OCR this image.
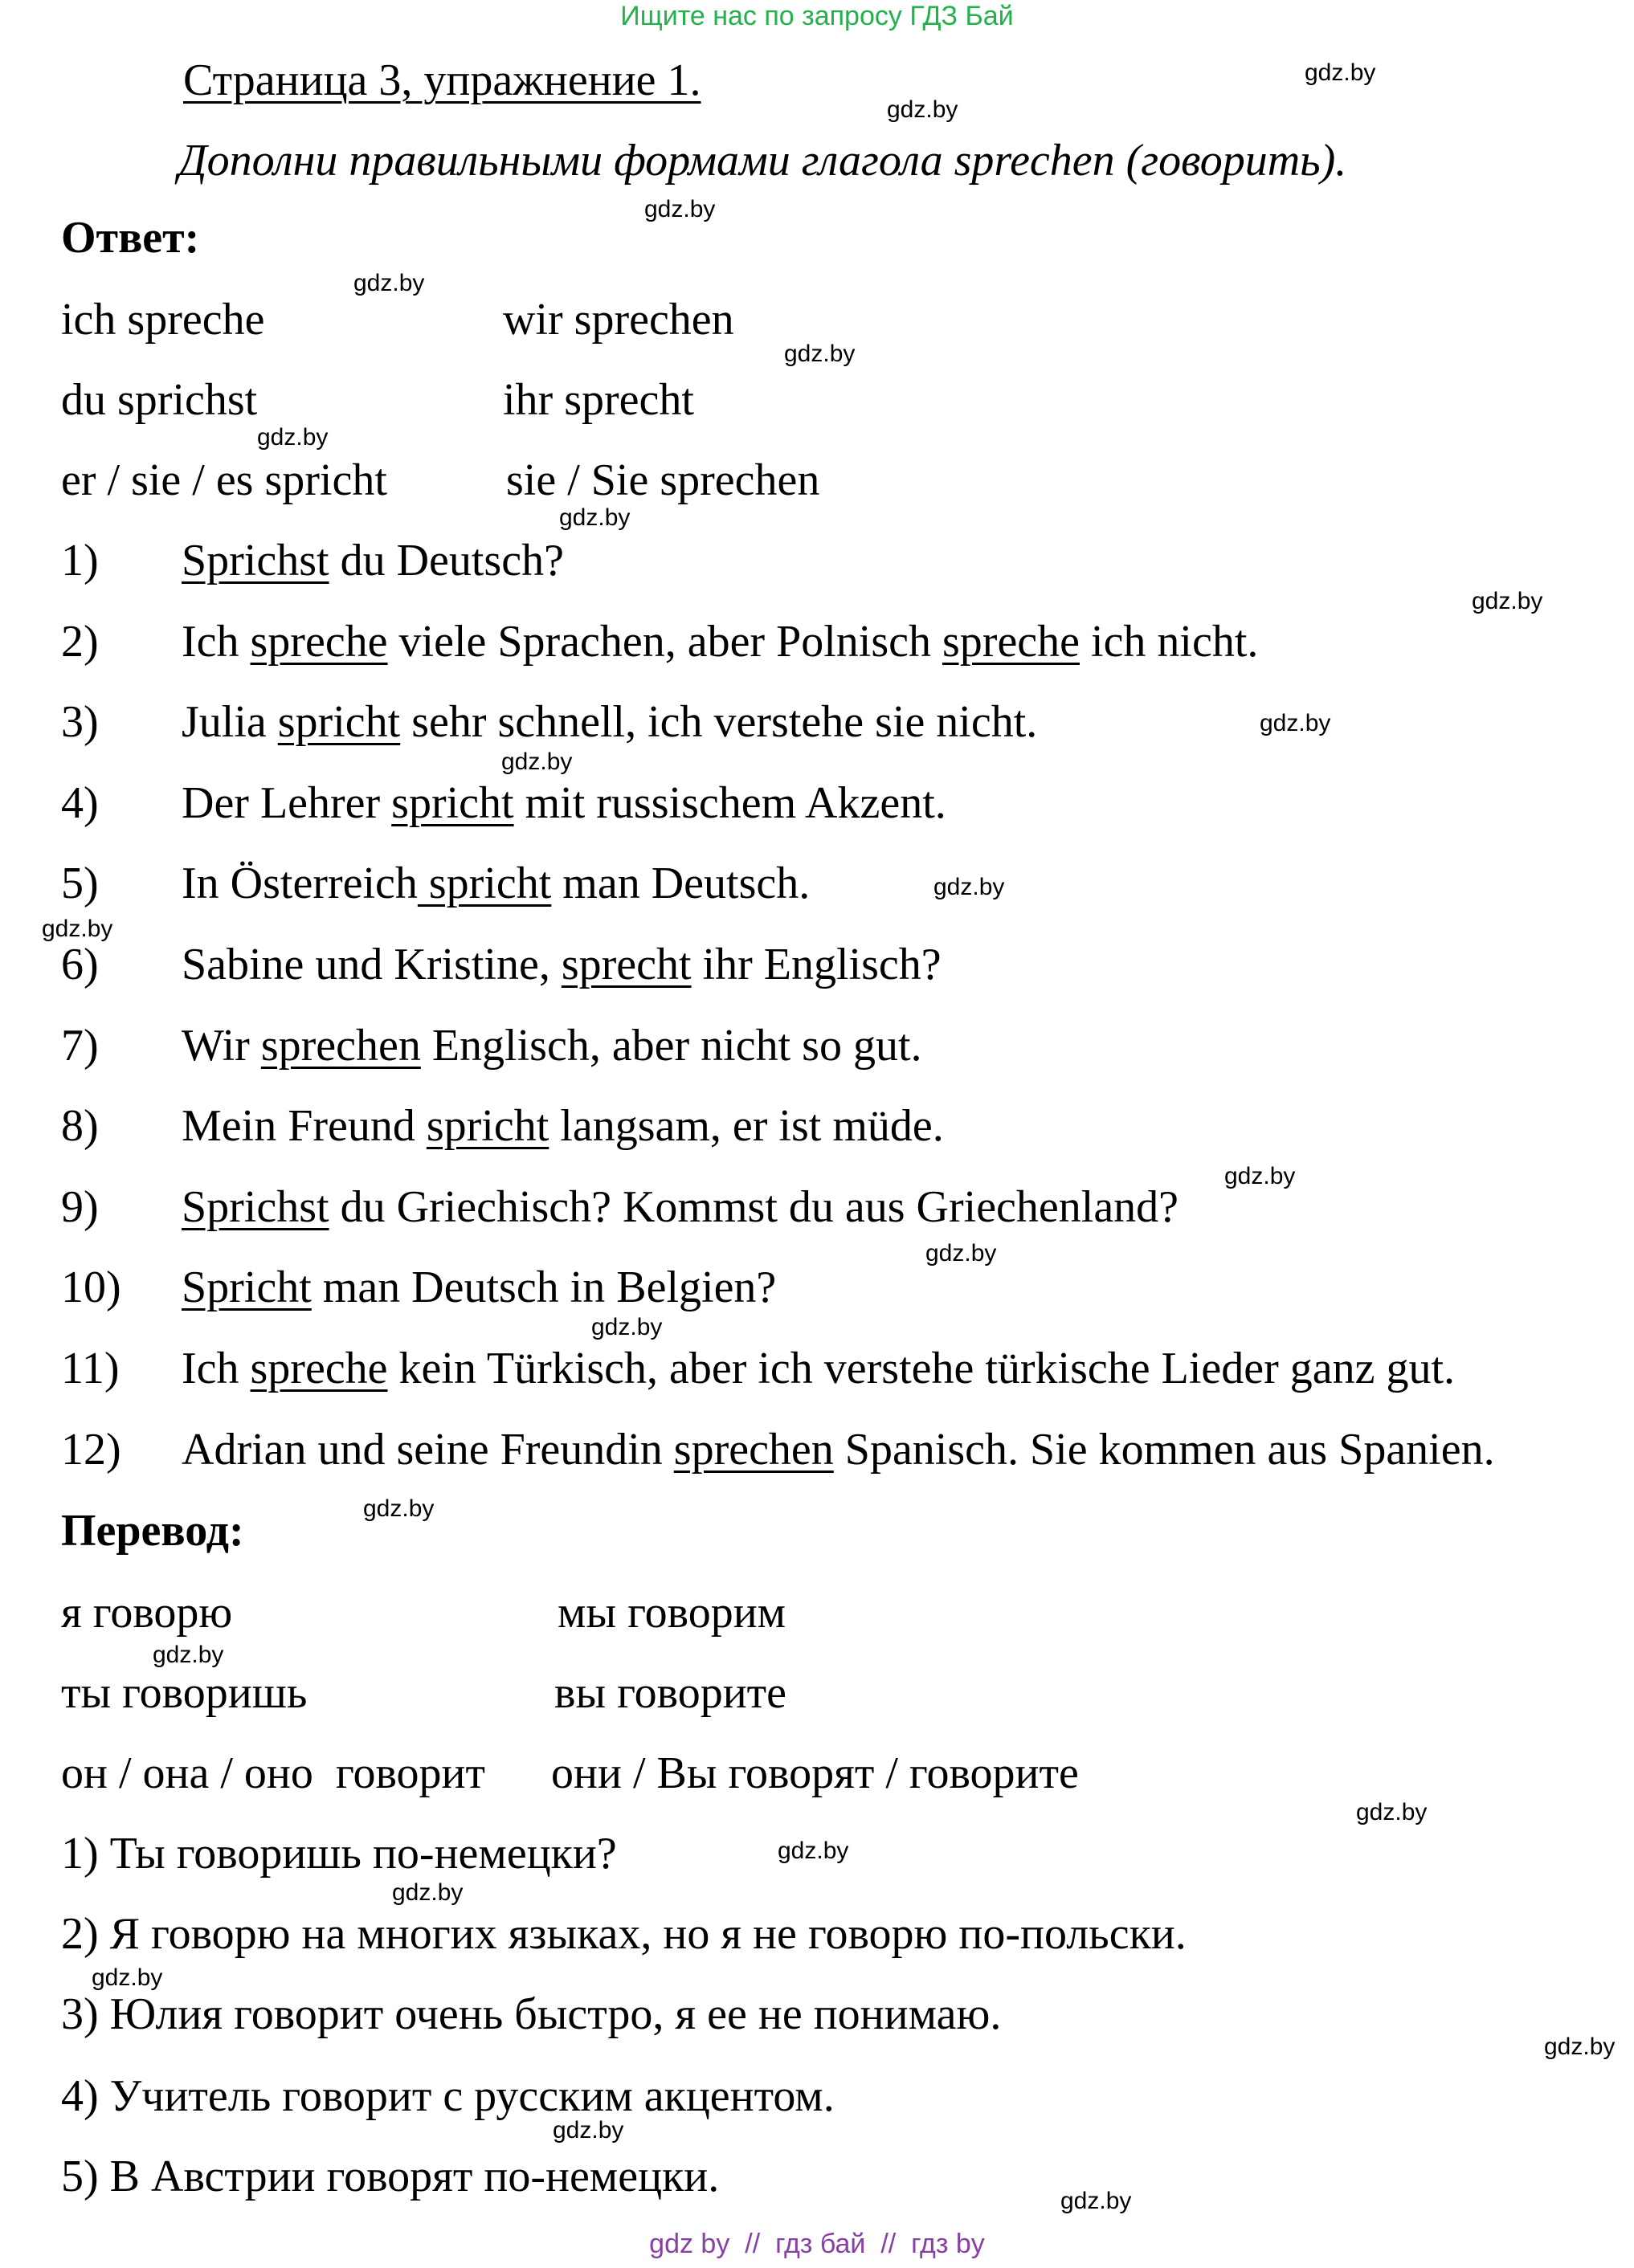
Ищите нас по запросу ГДЗ Бай
Страница 3, упражнение 1.
Дополни правильными формами глагола sprechen (говорить).
Ответ:
ich spreche
du sprichst
er / sie / es spricht
wir sprechen
ihr sprecht
sie / Sie sprechen
1) Sprichst du Deutsch?
2) Ich spreche viele Sprachen, aber Polnisch spreche ich nicht.
3) Julia spricht sehr schnell, ich verstehe sie nicht.
4) Der Lehrer spricht mit russischem Akzent.
5) In Österreich spricht man Deutsch.
6) Sabine und Kristine, sprecht ihr Englisch?
7) Wir sprechen Englisch, aber nicht so gut.
8) Mein Freund spricht langsam, er ist müde.
9) Sprichst du Griechisch? Kommst du aus Griechenland?
10) Spricht man Deutsch in Belgien?
11) Ich spreche kein Türkisch, aber ich verstehe türkische Lieder ganz gut.
12) Adrian und seine Freundin sprechen Spanisch. Sie kommen aus Spanien.
Перевод:
я говорю
ты говоришь
он / она / оно  говорит
мы говорим
вы говорите
они / Вы говорят / говорите
1) Ты говоришь по-немецки?
2) Я говорю на многих языках, но я не говорю по-польски.
3) Юлия говорит очень быстро, я ее не понимаю.
4) Учитель говорит с русским акцентом.
5) В Австрии говорят по-немецки.
gdz.by
gdz.by
gdz.by
gdz.by
gdz.by
gdz.by
gdz.by
gdz.by
gdz.by
gdz.by
gdz.by
gdz.by
gdz.by
gdz.by
gdz.by
gdz.by
gdz.by
gdz.by
gdz.by
gdz.by
gdz.by
gdz.by
gdz.by
gdz.by
gdz by // гдз бай // гдз by
